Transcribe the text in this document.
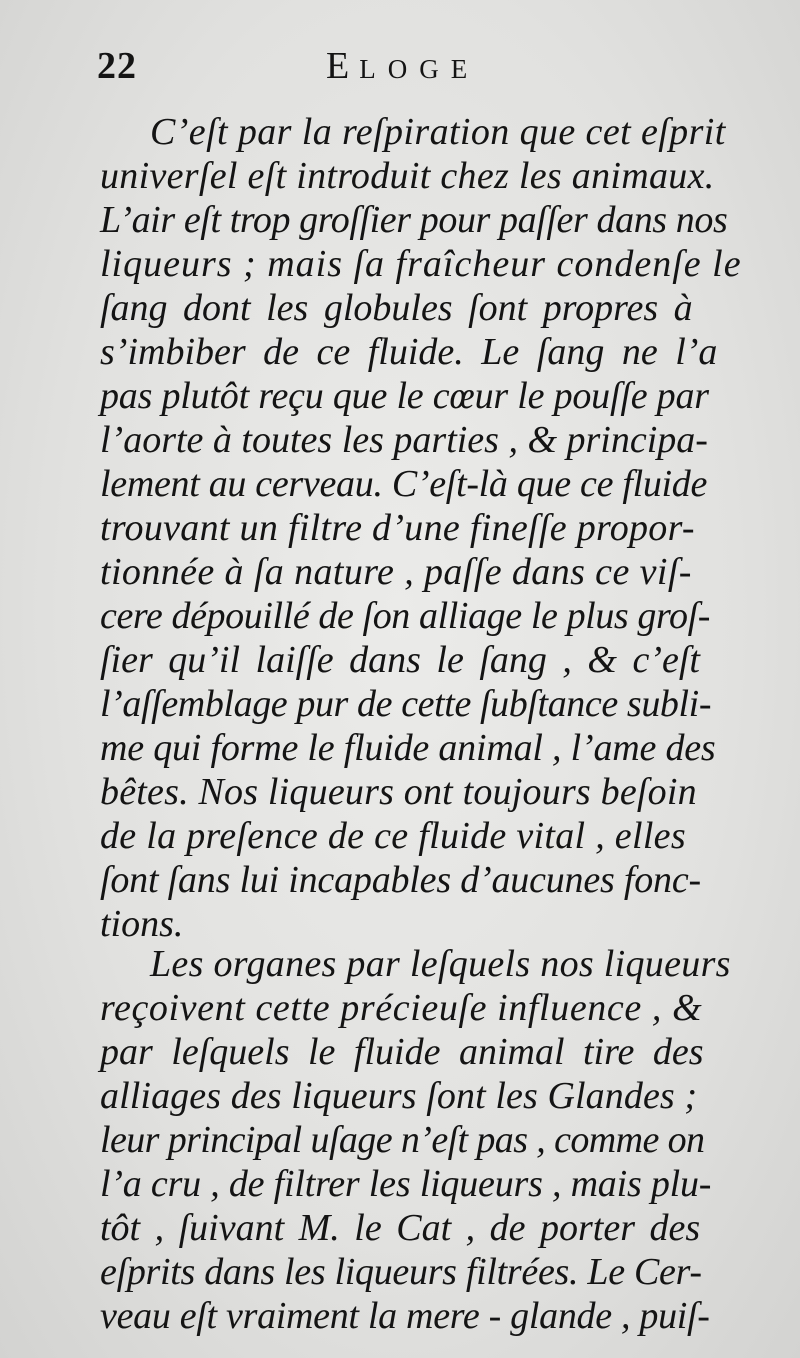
22	E LOGE
C’eſt par la reſpiration que cet eſprit
univerſel eſt introduit chez les animaux.
L’air eſt trop groſſier pour paſſer dans nos
liqueurs ; mais ſa fraîcheur condenſe le
ſang dont les globules ſont propres à
s’imbiber de ce fluide. Le ſang ne l’a
pas plutôt reçu que le cœur le pouſſe par
l’aorte à toutes les parties , & principa-
lement au cerveau. C’eſt-là que ce fluide
trouvant un filtre d’une fineſſe propor-
tionnée à ſa nature , paſſe dans ce viſ-
cere dépouillé de ſon alliage le plus groſ-
ſier qu’il laiſſe dans le ſang , & c’eſt
l’aſſemblage pur de cette ſubſtance subli-
me qui forme le fluide animal , l’ame des
bêtes. Nos liqueurs ont toujours beſoin
de la preſence de ce fluide vital , elles
ſont ſans lui incapables d’aucunes fonc-
tions.
Les organes par leſquels nos liqueurs
reçoivent cette précieuſe influence , &
par leſquels le fluide animal tire des
alliages des liqueurs ſont les Glandes ;
leur principal uſage n’eſt pas , comme on
l’a cru , de filtrer les liqueurs , mais plu-
tôt , ſuivant M. le Cat , de porter des
eſprits dans les liqueurs filtrées. Le Cer-
veau eſt vraiment la mere - glande , puiſ-
